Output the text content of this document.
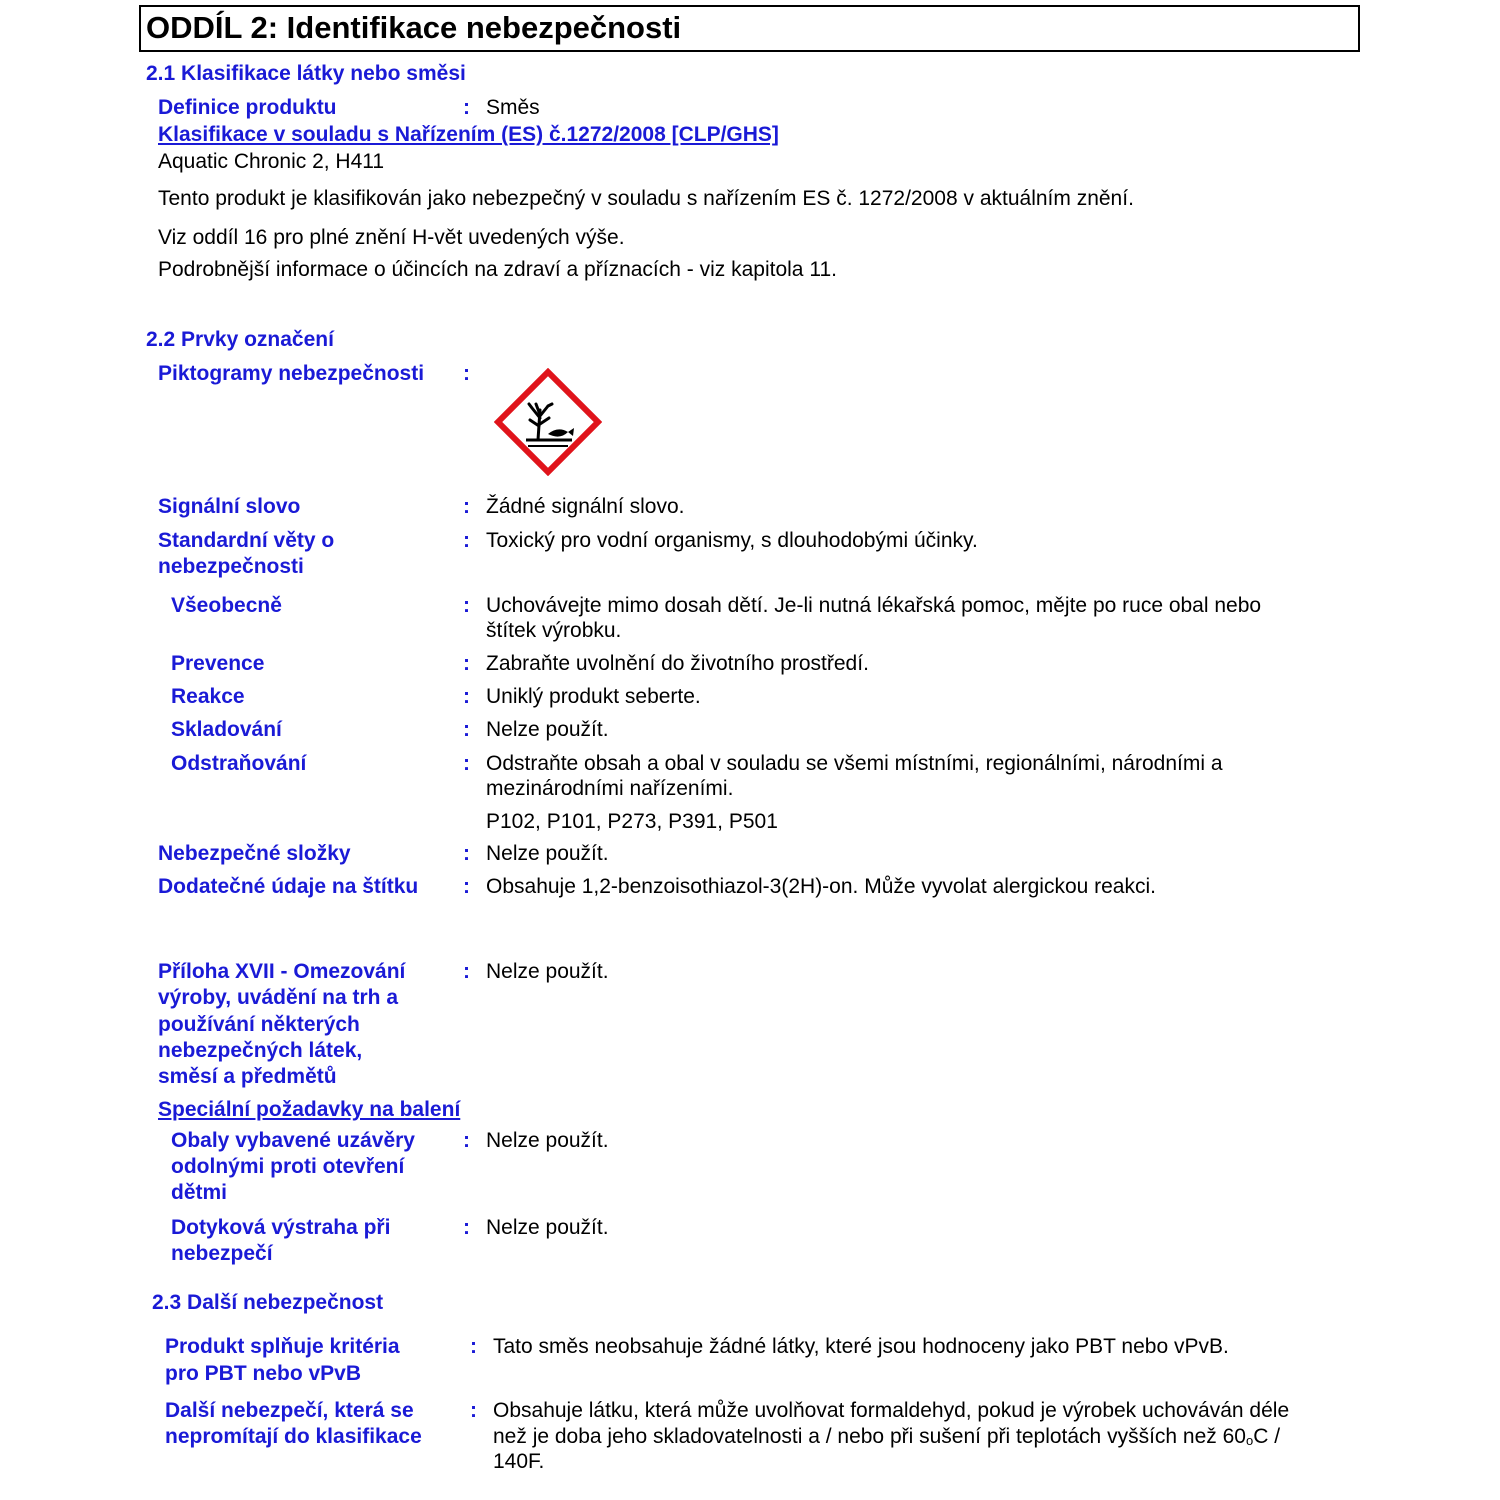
ODDÍL 2: Identifikace nebezpečnosti
2.1 Klasifikace látky nebo směsi
Definice produktu	: Směs
Klasifikace v souladu s Nařízením (ES) č.1272/2008 [CLP/GHS]
Aquatic Chronic 2, H411
Tento produkt je klasifikován jako nebezpečný v souladu s nařízením ES č. 1272/2008 v aktuálním znění.
Viz oddíl 16 pro plné znění H-vět uvedených výše.
Podrobnější informace o účincích na zdraví a příznacích - viz kapitola 11.
2.2 Prvky označení
Piktogramy nebezpečnosti :
Signální slovo	: Žádné signální slovo.
Standardní věty o
nebezpečnosti
: Toxický pro vodní organismy, s dlouhodobými účinky.
Všeobecně	: Uchovávejte mimo dosah dětí. Je-li nutná lékařská pomoc, mějte po ruce obal nebo
štítek výrobku.
Prevence	: Zabraňte uvolnění do životního prostředí.
Reakce	: Uniklý produkt seberte.
Skladování	: Nelze použít.
Odstraňování	: Odstraňte obsah a obal v souladu se všemi místními, regionálními, národními a
mezinárodními nařízeními.
P102, P101, P273, P391, P501
Nebezpečné složky	: Nelze použít.
Dodatečné údaje na štítku : Obsahuje 1,2-benzoisothiazol-3(2H)-on. Může vyvolat alergickou reakci.
Příloha XVII - Omezování
výroby, uvádění na trh a
používání některých
nebezpečných látek,
směsí a předmětů
: Nelze použít.
Speciální požadavky na balení
Obaly vybavené uzávěry
odolnými proti otevření
dětmi
: Nelze použít.
Dotyková výstraha při
nebezpečí
: Nelze použít.
2.3 Další nebezpečnost
Produkt splňuje kritéria
pro PBT nebo vPvB
: Tato směs neobsahuje žádné látky, které jsou hodnoceny jako PBT nebo vPvB.
Další nebezpečí, která se
nepromítají do klasifikace
: Obsahuje látku, která může uvolňovat formaldehyd, pokud je výrobek uchováván déle
než je doba jeho skladovatelnosti a / nebo při sušení při teplotách vyšších než 60oC /
140F.
